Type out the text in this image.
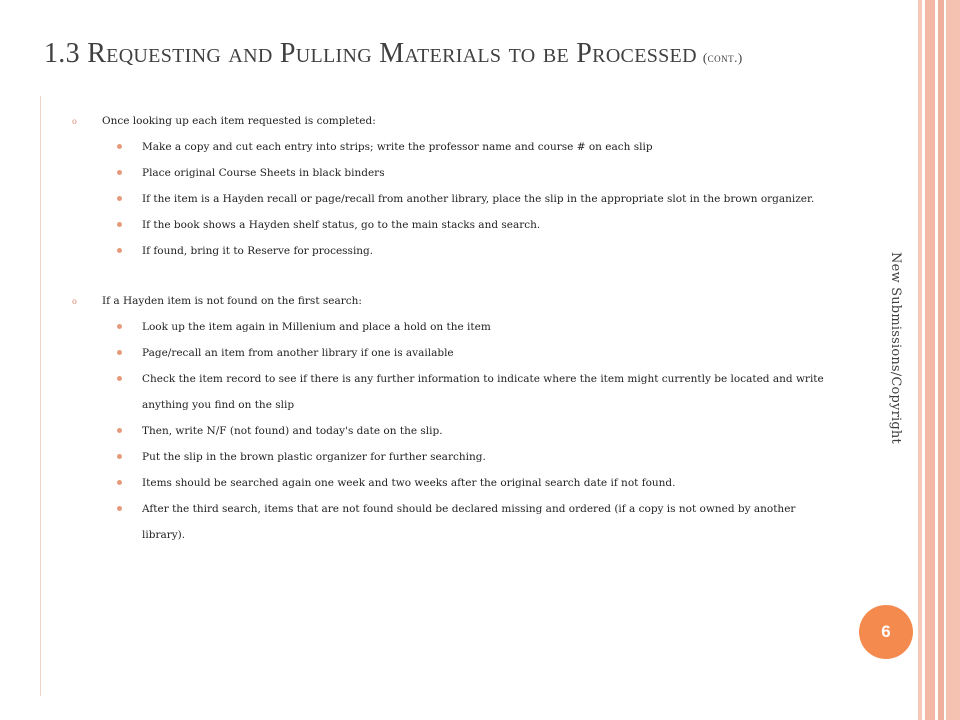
1.3 Requesting and Pulling Materials to be Processed (cont.)
o Once looking up each item requested is completed:
Make a copy and cut each entry into strips; write the professor name and course # on each slip
Place original Course Sheets in black binders
If the item is a Hayden recall or page/recall from another library, place the slip in the appropriate slot in the brown organizer.
If the book shows a Hayden shelf status, go to the main stacks and search.
If found, bring it to Reserve for processing.
o If a Hayden item is not found on the first search:
Look up the item again in Millenium and place a hold on the item
Page/recall an item from another library if one is available
Check the item record to see if there is any further information to indicate where the item might currently be located and write anything you find on the slip
Then, write N/F (not found) and today's date on the slip.
Put the slip in the brown plastic organizer for further searching.
Items should be searched again one week and two weeks after the original search date if not found.
After the third search, items that are not found should be declared missing and ordered (if a copy is not owned by another library).
New Submissions/Copyright
6
